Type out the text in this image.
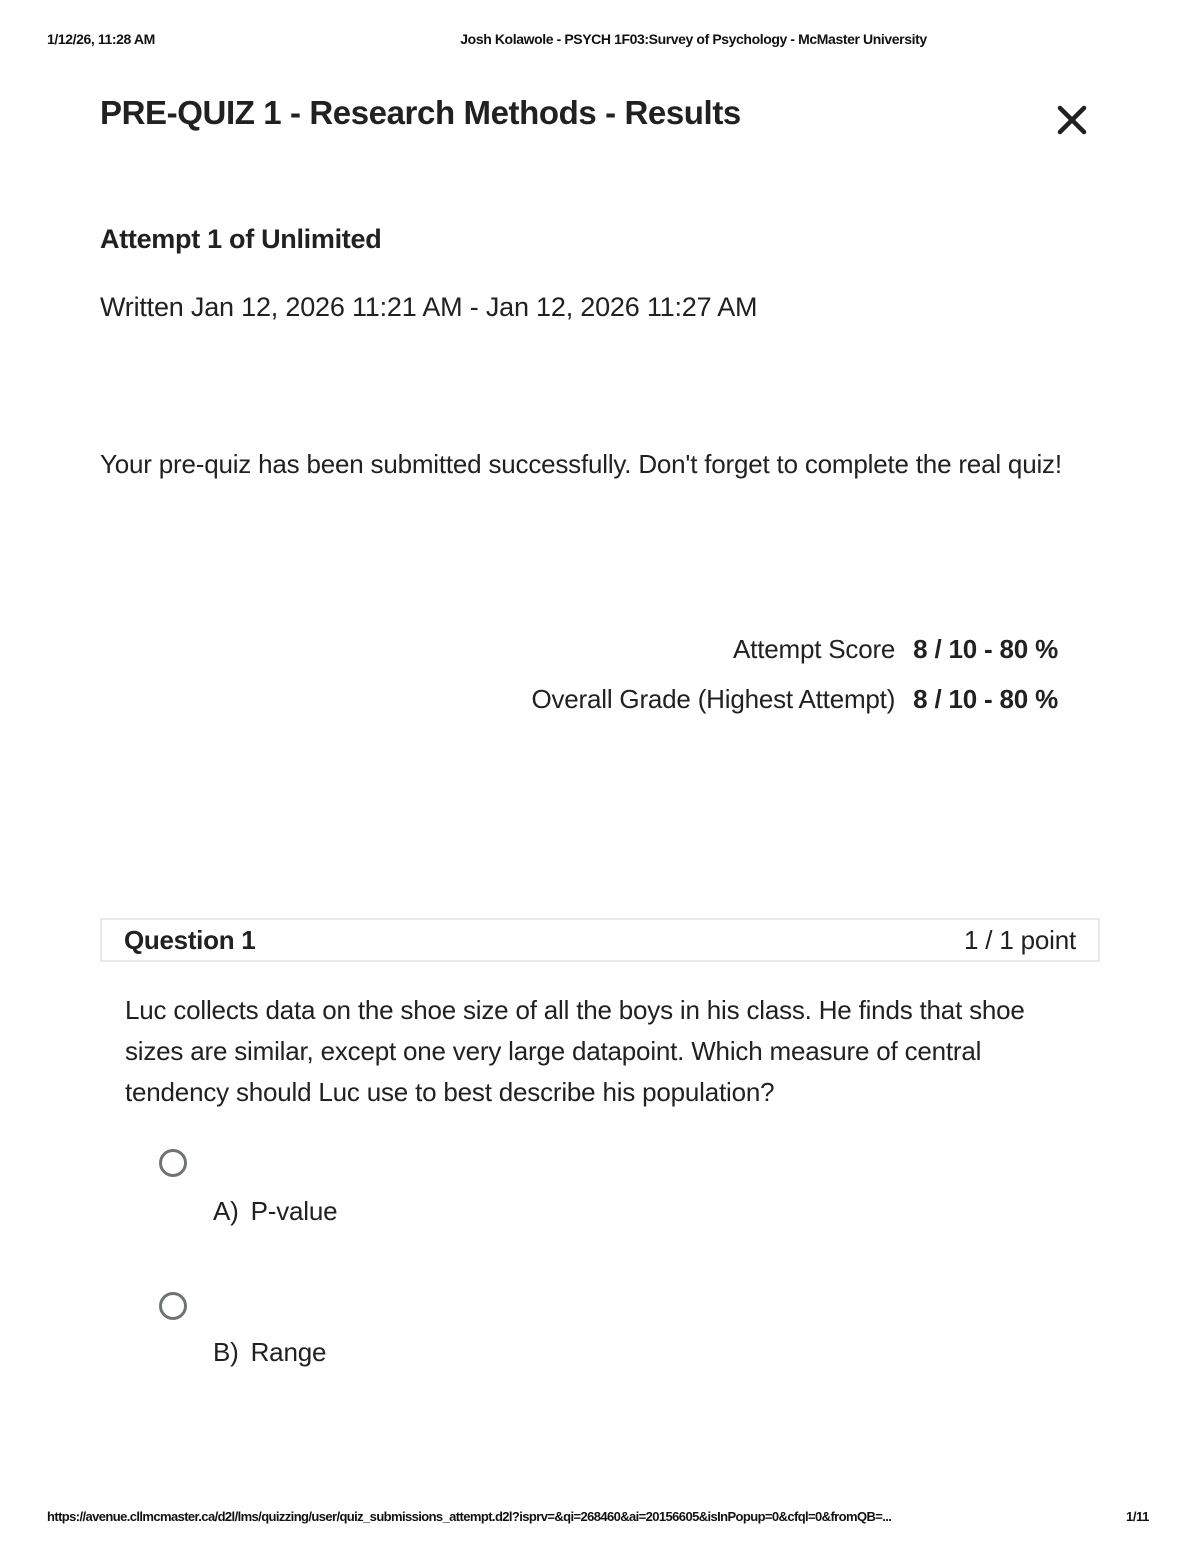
1/12/26, 11:28 AM	Josh Kolawole - PSYCH 1F03:Survey of Psychology - McMaster University
PRE-QUIZ 1 - Research Methods - Results
Attempt 1 of Unlimited
Written Jan 12, 2026 11:21 AM - Jan 12, 2026 11:27 AM
Your pre-quiz has been submitted successfully. Don't forget to complete the real quiz!
Attempt Score	8 / 10 - 80 %
Overall Grade (Highest Attempt)	8 / 10 - 80 %
Question 1	1 / 1 point
Luc collects data on the shoe size of all the boys in his class. He finds that shoe sizes are similar, except one very large datapoint. Which measure of central tendency should Luc use to best describe his population?
A) P-value
B) Range
https://avenue.cllmcmaster.ca/d2l/lms/quizzing/user/quiz_submissions_attempt.d2l?isprv=&qi=268460&ai=20156605&isInPopup=0&cfql=0&fromQB=...	1/11
